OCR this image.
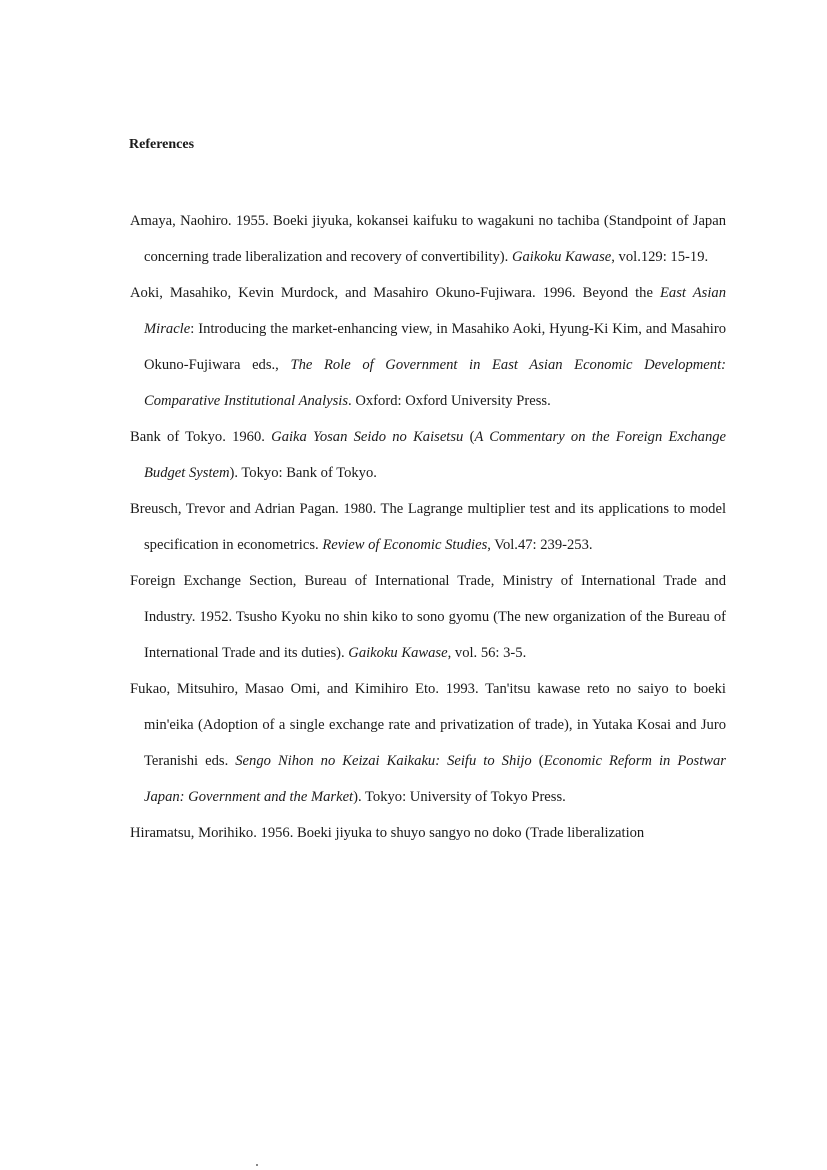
References
Amaya, Naohiro. 1955. Boeki jiyuka, kokansei kaifuku to wagakuni no tachiba (Standpoint of Japan concerning trade liberalization and recovery of convertibility). Gaikoku Kawase, vol.129: 15-19.
Aoki, Masahiko, Kevin Murdock, and Masahiro Okuno-Fujiwara. 1996. Beyond the East Asian Miracle: Introducing the market-enhancing view, in Masahiko Aoki, Hyung-Ki Kim, and Masahiro Okuno-Fujiwara eds., The Role of Government in East Asian Economic Development: Comparative Institutional Analysis. Oxford: Oxford University Press.
Bank of Tokyo. 1960. Gaika Yosan Seido no Kaisetsu (A Commentary on the Foreign Exchange Budget System). Tokyo: Bank of Tokyo.
Breusch, Trevor and Adrian Pagan. 1980. The Lagrange multiplier test and its applications to model specification in econometrics. Review of Economic Studies, Vol.47: 239-253.
Foreign Exchange Section, Bureau of International Trade, Ministry of International Trade and Industry. 1952. Tsusho Kyoku no shin kiko to sono gyomu (The new organization of the Bureau of International Trade and its duties). Gaikoku Kawase, vol. 56: 3-5.
Fukao, Mitsuhiro, Masao Omi, and Kimihiro Eto. 1993. Tan'itsu kawase reto no saiyo to boeki min'eika (Adoption of a single exchange rate and privatization of trade), in Yutaka Kosai and Juro Teranishi eds. Sengo Nihon no Keizai Kaikaku: Seifu to Shijo (Economic Reform in Postwar Japan: Government and the Market). Tokyo: University of Tokyo Press.
Hiramatsu, Morihiko. 1956. Boeki jiyuka to shuyo sangyo no doko (Trade liberalization
